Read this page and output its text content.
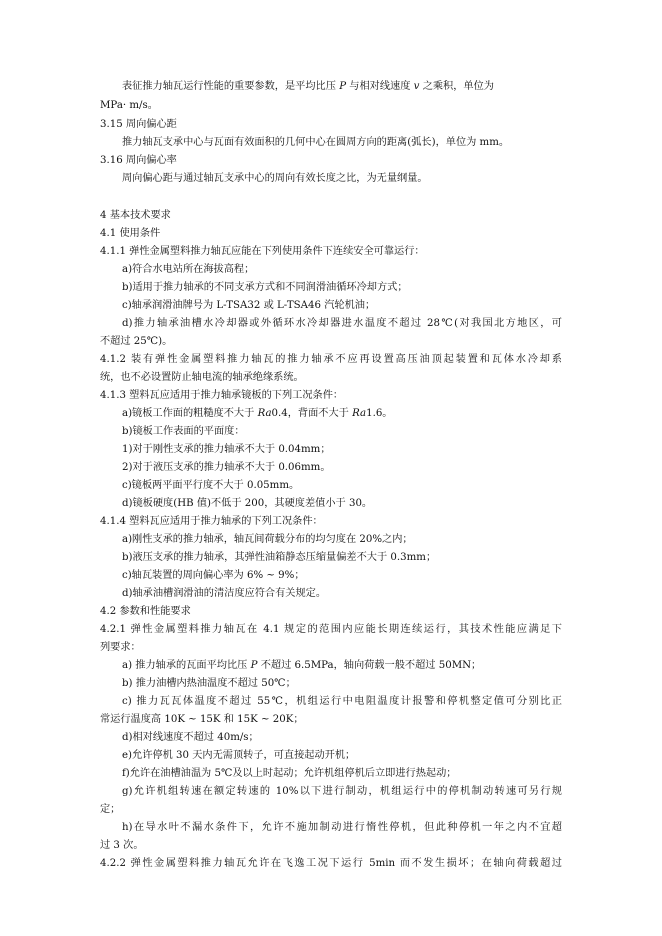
表征推力轴瓦运行性能的重要参数，是平均比压 P 与相对线速度 v 之乘积，单位为
MPa· m/s。
3.15 周向偏心距
推力轴瓦支承中心与瓦面有效面积的几何中心在圆周方向的距离(弧长)，单位为 mm。
3.16 周向偏心率
周向偏心距与通过轴瓦支承中心的周向有效长度之比，为无量纲量。
4 基本技术要求
4.1 使用条件
4.1.1 弹性金属塑料推力轴瓦应能在下列使用条件下连续安全可靠运行：
a)符合水电站所在海拔高程；
b)适用于推力轴承的不同支承方式和不同润滑油循环冷却方式；
c)轴承润滑油牌号为 L-TSA32 或 L-TSA46 汽轮机油；
d)推力轴承油槽水冷却器或外循环水冷却器进水温度不超过 28℃(对我国北方地区，可
不超过 25℃)。
4.1.2 装有弹性金属塑料推力轴瓦的推力轴承不应再设置高压油顶起装置和瓦体水冷却系
统，也不必设置防止轴电流的轴承绝缘系统。
4.1.3 塑料瓦应适用于推力轴承镜板的下列工况条件：
a)镜板工作面的粗糙度不大于 Ra0.4，背面不大于 Ra1.6。
b)镜板工作表面的平面度：
1)对于刚性支承的推力轴承不大于 0.04mm；
2)对于液压支承的推力轴承不大于 0.06mm。
c)镜板两平面平行度不大于 0.05mm。
d)镜板硬度(HB 值)不低于 200，其硬度差值小于 30。
4.1.4 塑料瓦应适用于推力轴承的下列工况条件：
a)刚性支承的推力轴承，轴瓦间荷载分布的均匀度在 20%之内；
b)液压支承的推力轴承，其弹性油箱静态压缩量偏差不大于 0.3mm；
c)轴瓦装置的周向偏心率为 6% ~ 9%；
d)轴承油槽润滑油的清洁度应符合有关规定。
4.2 参数和性能要求
4.2.1 弹性金属塑料推力轴瓦在 4.1 规定的范围内应能长期连续运行，其技术性能应满足下
列要求：
a) 推力轴承的瓦面平均比压 P 不超过 6.5MPa，轴向荷载一般不超过 50MN；
b) 推力油槽内热油温度不超过 50℃；
c) 推力瓦瓦体温度不超过 55℃，机组运行中电阻温度计报警和停机整定值可分别比正
常运行温度高 10K ~ 15K 和 15K ~ 20K；
d)相对线速度不超过 40m/s；
e)允许停机 30 天内无需顶转子，可直接起动开机；
f)允许在油槽油温为 5℃及以上时起动；允许机组停机后立即进行热起动；
g)允许机组转速在额定转速的 10%以下进行制动，机组运行中的停机制动转速可另行规
定；
h)在导水叶不漏水条件下，允许不施加制动进行惰性停机，但此种停机一年之内不宜超
过 3 次。
4.2.2 弹性金属塑料推力轴瓦允许在飞逸工况下运行 5min 而不发生损坏；在轴向荷载超过
